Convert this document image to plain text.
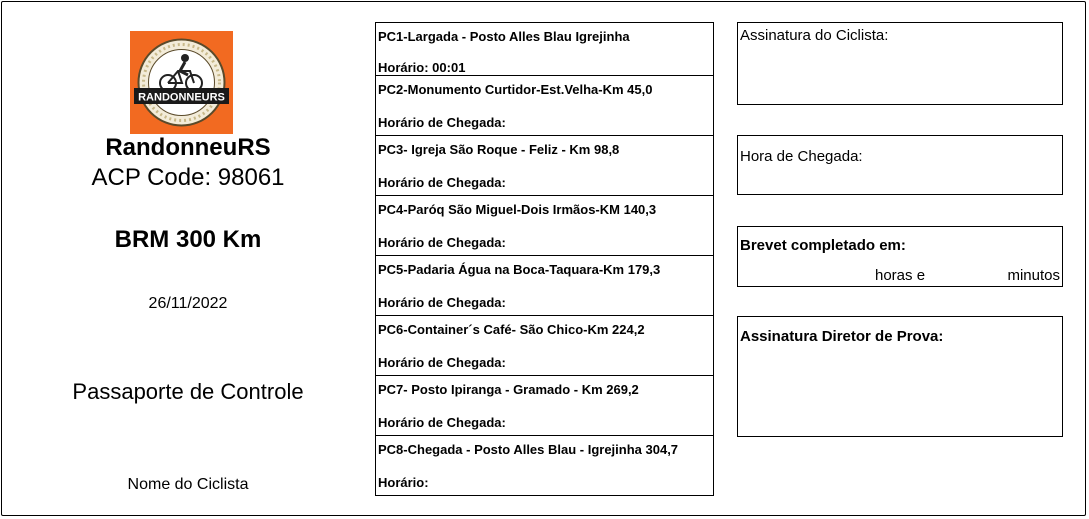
RANDONNEURS
RandonneuRS
ACP Code: 98061
BRM 300 Km
26/11/2022
Passaporte de Controle
Nome do Ciclista
PC1-Largada - Posto Alles Blau Igrejinha
Horário: 00:01
PC2-Monumento Curtidor-Est.Velha-Km 45,0
Horário de Chegada:
PC3- Igreja São Roque - Feliz - Km 98,8
Horário de Chegada:
PC4-Paróq São Miguel-Dois Irmãos-KM 140,3
Horário de Chegada:
PC5-Padaria Água na Boca-Taquara-Km 179,3
Horário de Chegada:
PC6-Container´s Café- São Chico-Km 224,2
Horário de Chegada:
PC7- Posto Ipiranga - Gramado - Km 269,2
Horário de Chegada:
PC8-Chegada - Posto Alles Blau - Igrejinha 304,7
Horário:
Assinatura do Ciclista:
Hora de Chegada:
Brevet completado em:
horas e	minutos
Assinatura Diretor de Prova:
